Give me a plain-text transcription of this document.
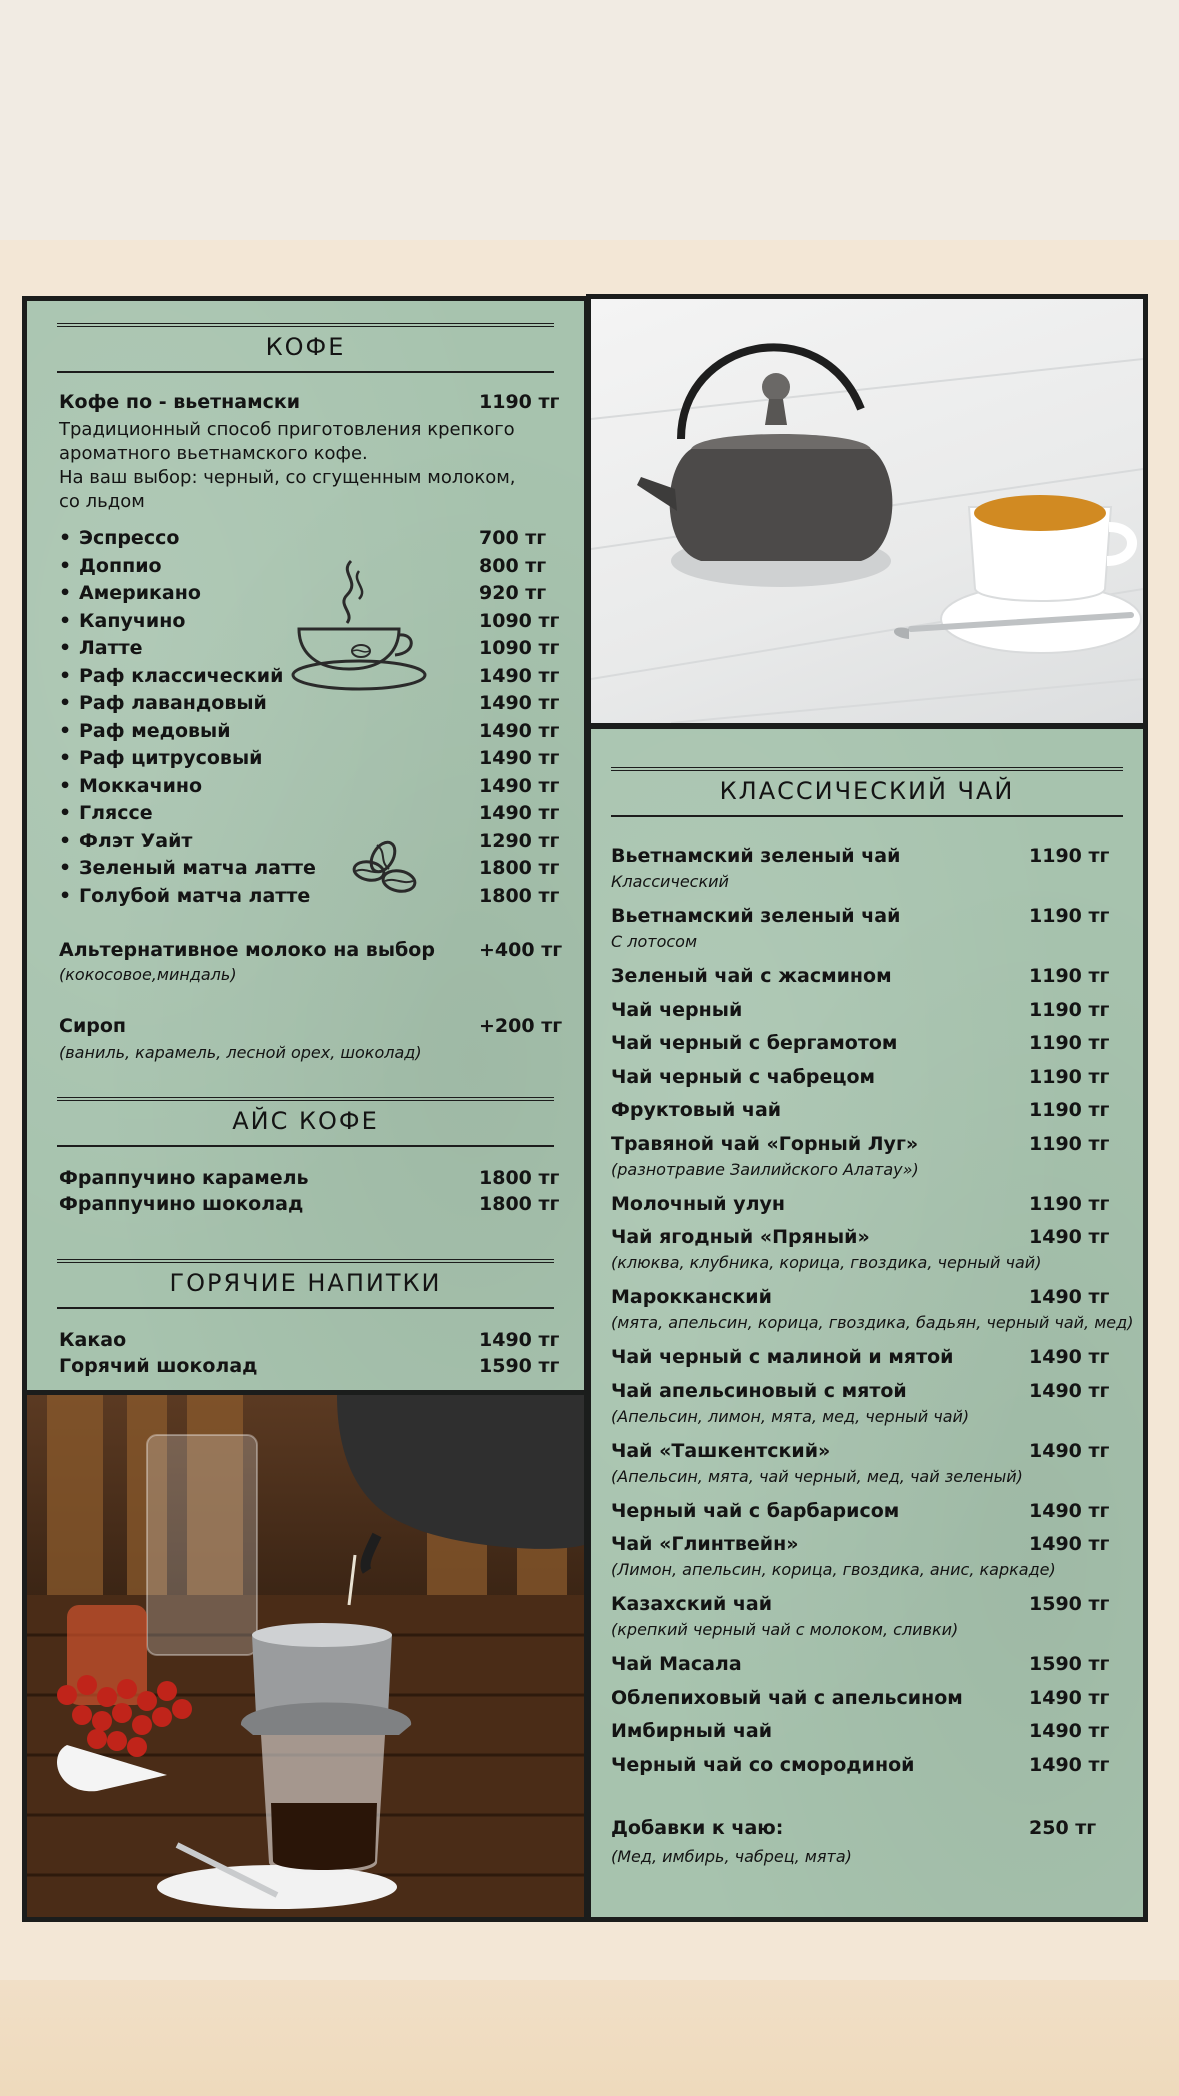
КОФЕ
Кофе по - вьетнамски	1190 тг
Традиционный способ приготовления крепкого
ароматного вьетнамского кофе.
На ваш выбор: черный, со сгущенным молоком,
со льдом
• Эспрессо	700 тг
• Доппио	800 тг
• Американо	920 тг
• Капучино	1090 тг
• Латте	1090 тг
• Раф классический	1490 тг
• Раф лавандовый	1490 тг
• Раф медовый	1490 тг
• Раф цитрусовый	1490 тг
• Моккачино	1490 тг
• Гляссе	1490 тг
• Флэт Уайт	1290 тг
• Зеленый матча латте	1800 тг
• Голубой матча латте	1800 тг
Альтернативное молоко на выбор +400 тг
(кокосовое,миндаль)
Сироп	+200 тг
(ваниль, карамель, лесной орех, шоколад)
АЙС КОФЕ
Фраппучино карамель	1800 тг
Фраппучино шоколад	1800 тг
ГОРЯЧИЕ НАПИТКИ
Какао	1490 тг
Горячий шоколад	1590 тг
КЛАССИЧЕСКИЙ ЧАЙ
Вьетнамский зеленый чай	1190 тг
Классический
Вьетнамский зеленый чай	1190 тг
С лотосом
Зеленый чай с жасмином	1190 тг
Чай черный	1190 тг
Чай черный с бергамотом	1190 тг
Чай черный с чабрецом	1190 тг
Фруктовый чай	1190 тг
Травяной чай «Горный Луг»	1190 тг
(разнотравие Заилийского Алатау»)
Молочный улун	1190 тг
Чай ягодный «Пряный»	1490 тг
(клюква, клубника, корица, гвоздика, черный чай)
Марокканский	1490 тг
(мята, апельсин, корица, гвоздика, бадьян, черный чай, мед)
Чай черный с малиной и мятой	1490 тг
Чай апельсиновый с мятой	1490 тг
(Апельсин, лимон, мята, мед, черный чай)
Чай «Ташкентский»	1490 тг
(Апельсин, мята, чай черный, мед, чай зеленый)
Черный чай с барбарисом	1490 тг
Чай «Глинтвейн»	1490 тг
(Лимон, апельсин, корица, гвоздика, анис, каркаде)
Казахский чай	1590 тг
(крепкий черный чай с молоком, сливки)
Чай Масала	1590 тг
Облепиховый чай с апельсином	1490 тг
Имбирный чай	1490 тг
Черный чай со смородиной	1490 тг
Добавки к чаю:	250 тг
(Мед, имбирь, чабрец, мята)
